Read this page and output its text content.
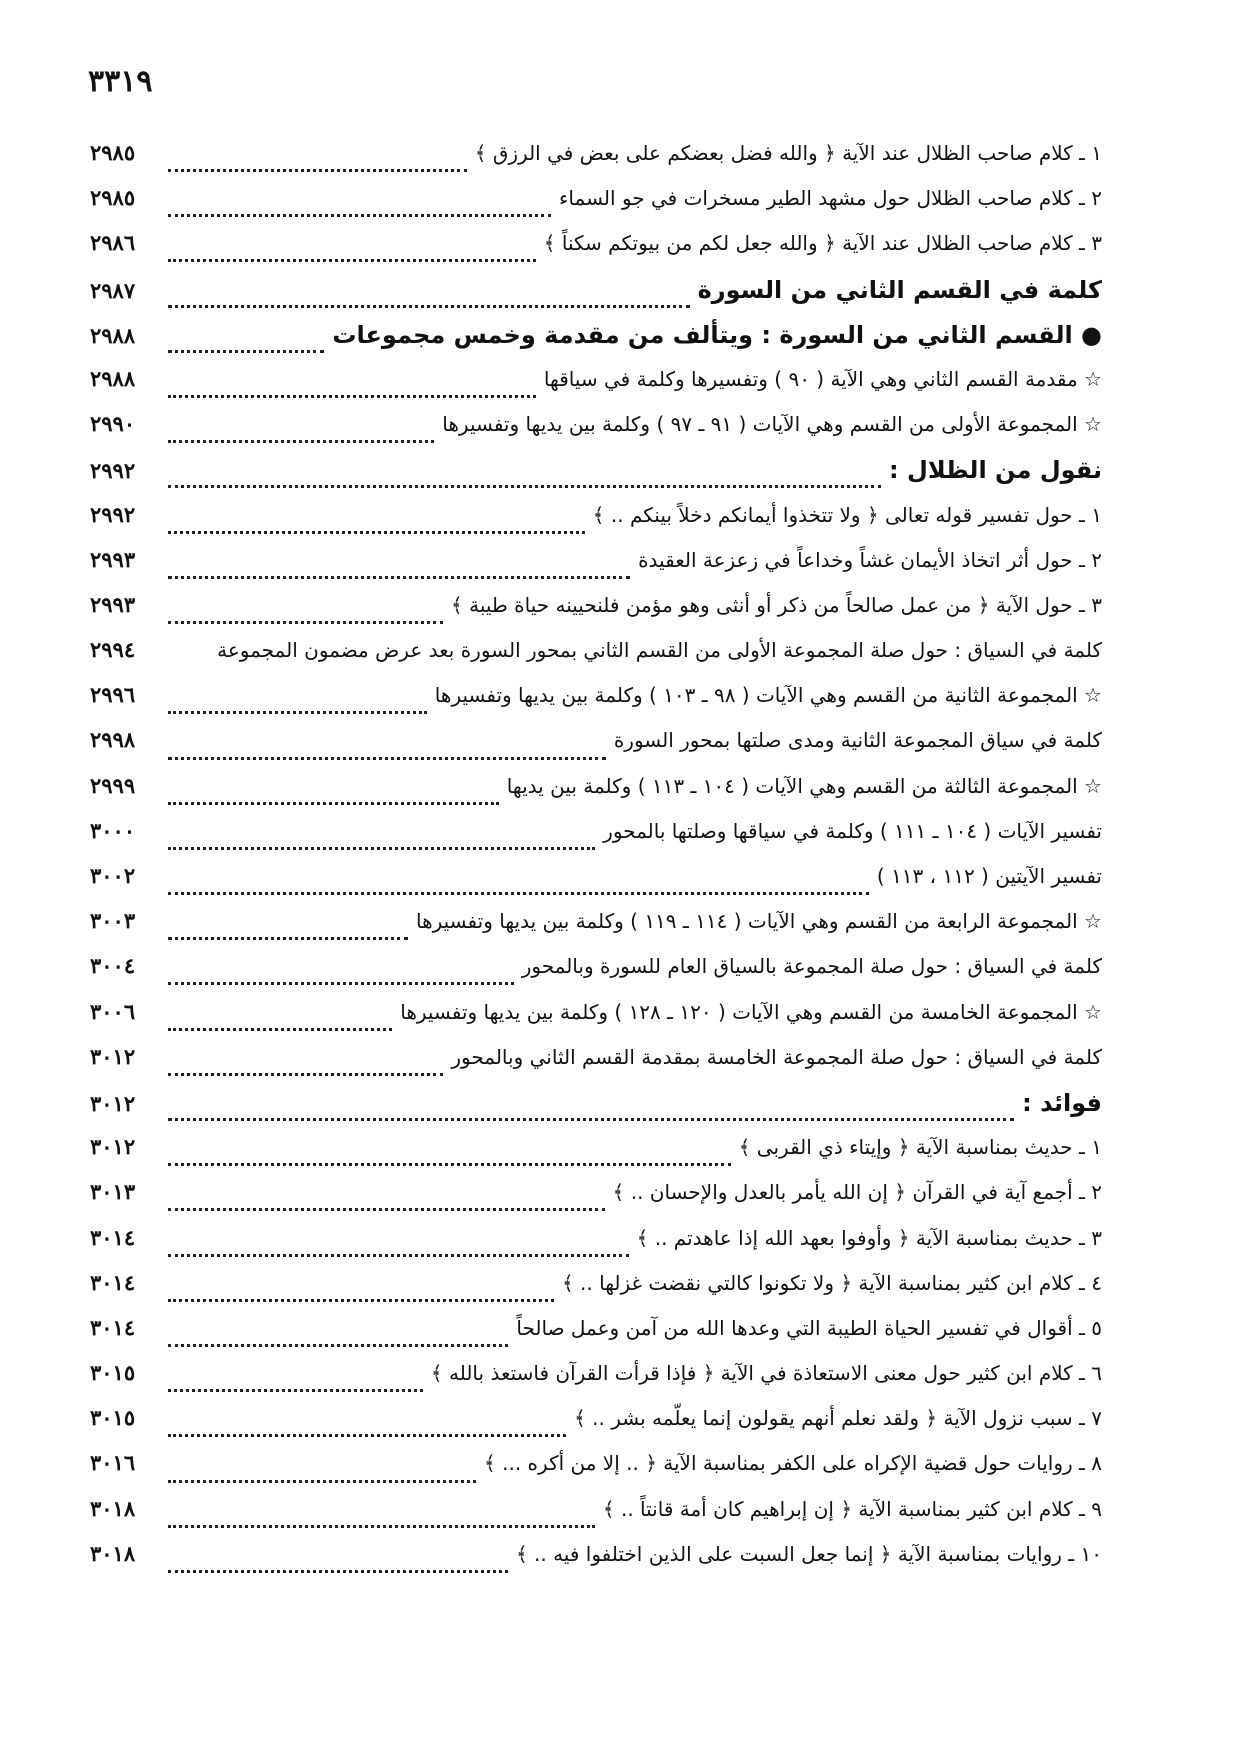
٣٣١٩
٢٩٨٥	١ ـ كلام صاحب الظلال عند الآية ﴿ والله فضل بعضكم على بعض في الرزق ﴾
٢٩٨٥	٢ ـ كلام صاحب الظلال حول مشهد الطير مسخرات في جو السماء
٢٩٨٦	٣ ـ كلام صاحب الظلال عند الآية ﴿ والله جعل لكم من بيوتكم سكناً ﴾
٢٩٨٧	كلمة في القسم الثاني من السورة
٢٩٨٨	● القسم الثاني من السورة : ويتألف من مقدمة وخمس مجموعات
٢٩٨٨	☆ مقدمة القسم الثاني وهي الآية ( ٩٠ ) وتفسيرها وكلمة في سياقها
٢٩٩٠	☆ المجموعة الأولى من القسم وهي الآيات ( ٩١ ـ ٩٧ ) وكلمة بين يديها وتفسيرها
٢٩٩٢	نقول من الظلال :
٢٩٩٢	١ ـ حول تفسير قوله تعالى ﴿ ولا تتخذوا أيمانكم دخلاً بينكم .. ﴾
٢٩٩٣	٢ ـ حول أثر اتخاذ الأيمان غشاً وخداعاً في زعزعة العقيدة
٢٩٩٣	٣ ـ حول الآية ﴿ من عمل صالحاً من ذكر أو أنثى وهو مؤمن فلنحيينه حياة طيبة ﴾
٢٩٩٤	كلمة في السياق : حول صلة المجموعة الأولى من القسم الثاني بمحور السورة بعد عرض مضمون المجموعة
٢٩٩٦	☆ المجموعة الثانية من القسم وهي الآيات ( ٩٨ ـ ١٠٣ ) وكلمة بين يديها وتفسيرها
٢٩٩٨	كلمة في سياق المجموعة الثانية ومدى صلتها بمحور السورة
٢٩٩٩	☆ المجموعة الثالثة من القسم وهي الآيات ( ١٠٤ ـ ١١٣ ) وكلمة بين يديها
٣٠٠٠	تفسير الآيات ( ١٠٤ ـ ١١١ ) وكلمة في سياقها وصلتها بالمحور
٣٠٠٢	تفسير الآيتين ( ١١٢ ، ١١٣ )
٣٠٠٣	☆ المجموعة الرابعة من القسم وهي الآيات ( ١١٤ ـ ١١٩ ) وكلمة بين يديها وتفسيرها
٣٠٠٤	كلمة في السياق : حول صلة المجموعة بالسياق العام للسورة وبالمحور
٣٠٠٦	☆ المجموعة الخامسة من القسم وهي الآيات ( ١٢٠ ـ ١٢٨ ) وكلمة بين يديها وتفسيرها
٣٠١٢	كلمة في السياق : حول صلة المجموعة الخامسة بمقدمة القسم الثاني وبالمحور
٣٠١٢	فوائد :
٣٠١٢	١ ـ حديث بمناسبة الآية ﴿ وإيتاء ذي القربى ﴾
٣٠١٣	٢ ـ أجمع آية في القرآن ﴿ إن الله يأمر بالعدل والإحسان .. ﴾
٣٠١٤	٣ ـ حديث بمناسبة الآية ﴿ وأوفوا بعهد الله إذا عاهدتم .. ﴾
٣٠١٤	٤ ـ كلام ابن كثير بمناسبة الآية ﴿ ولا تكونوا كالتي نقضت غزلها .. ﴾
٣٠١٤	٥ ـ أقوال في تفسير الحياة الطيبة التي وعدها الله من آمن وعمل صالحاً
٣٠١٥	٦ ـ كلام ابن كثير حول معنى الاستعاذة في الآية ﴿ فإذا قرأت القرآن فاستعذ بالله ﴾
٣٠١٥	٧ ـ سبب نزول الآية ﴿ ولقد نعلم أنهم يقولون إنما يعلّمه بشر .. ﴾
٣٠١٦	٨ ـ روايات حول قضية الإكراه على الكفر بمناسبة الآية ﴿ .. إلا من أكره ... ﴾
٣٠١٨	٩ ـ كلام ابن كثير بمناسبة الآية ﴿ إن إبراهيم كان أمة قانتاً .. ﴾
٣٠١٨	١٠ ـ روايات بمناسبة الآية ﴿ إنما جعل السبت على الذين اختلفوا فيه .. ﴾
